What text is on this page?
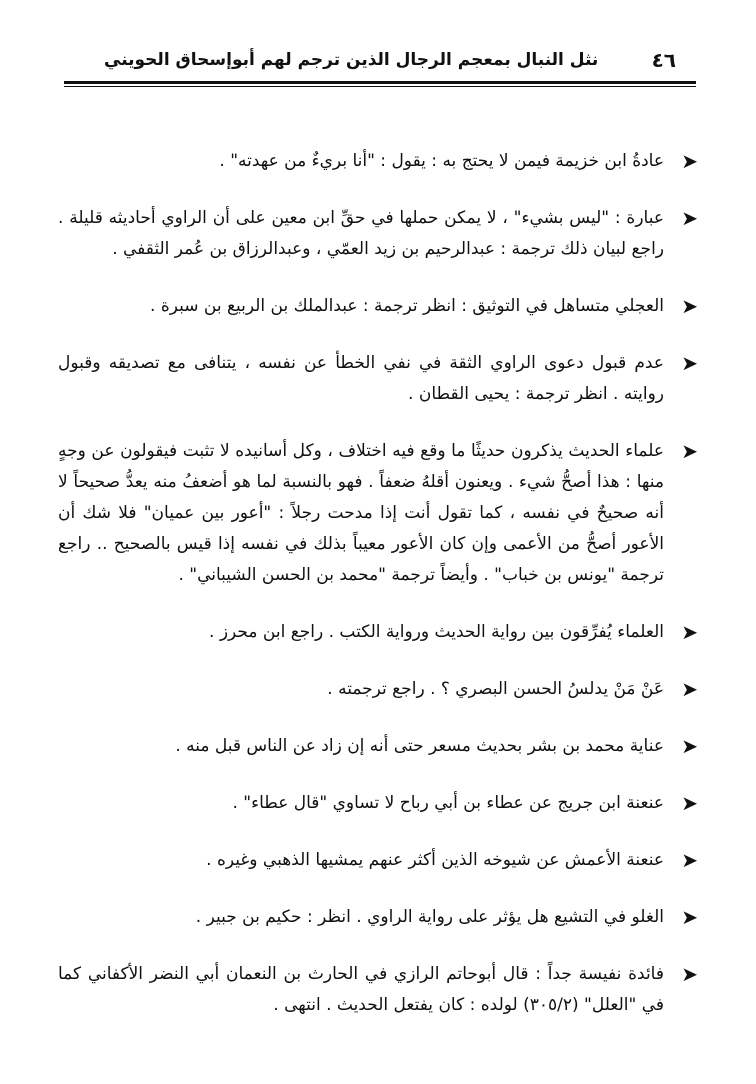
نثل النبال بمعجم الرجال الذين ترجم لهم أبوإسحاق الحويني	٤٦
➤
عادةُ ابن خزيمة فيمن لا يحتج به : يقول : "أنا بريءٌ من عهدته" .
➤
عبارة : "ليس بشيء" ، لا يمكن حملها في حقِّ ابن معين على أن الراوي أحاديثه قليلة . راجع لبيان ذلك ترجمة : عبدالرحيم بن زيد العمّي ، وعبدالرزاق بن عُمر الثقفي .
➤
العجلي متساهل في التوثيق : انظر ترجمة : عبدالملك بن الربيع بن سبرة .
➤
عدم قبول دعوى الراوي الثقة في نفي الخطأ عن نفسه ، يتنافى مع تصديقه وقبول روايته . انظر ترجمة : يحيى القطان .
➤
علماء الحديث يذكرون حديثًا ما وقع فيه اختلاف ، وكل أسانيده لا تثبت فيقولون عن وجهٍ منها : هذا أصحُّ شيء . ويعنون أقلهُ ضعفاً . فهو بالنسبة لما هو أضعفُ منه يعدُّ صحيحاً لا أنه صحيحٌ في نفسه ، كما تقول أنت إذا مدحت رجلاً : "أعور بين عميان" فلا شك أن الأعور أصحُّ من الأعمى وإن كان الأعور معيباً بذلك في نفسه إذا قيس بالصحيح .. راجع ترجمة "يونس بن خباب" . وأيضاً ترجمة "محمد بن الحسن الشيباني" .
➤
العلماء يُفرِّقون بين رواية الحديث ورواية الكتب . راجع ابن محرز .
➤
عَنْ مَنْ يدلسُ الحسن البصري ؟ . راجع ترجمته .
➤
عناية محمد بن بشر بحديث مسعر حتى أنه إن زاد عن الناس قبل منه .
➤
عنعنة ابن جريج عن عطاء بن أبي رباح لا تساوي "قال عطاء" .
➤
عنعنة الأعمش عن شيوخه الذين أكثر عنهم يمشيها الذهبي وغيره .
➤
الغلو في التشيع هل يؤثر على رواية الراوي . انظر : حكيم بن جبير .
➤
فائدة نفيسة جداً : قال أبوحاتم الرازي في الحارث بن النعمان أبي النضر الأكفاني كما في "العلل" (٣٠٥/٢) لولده : كان يفتعل الحديث . انتهى .
